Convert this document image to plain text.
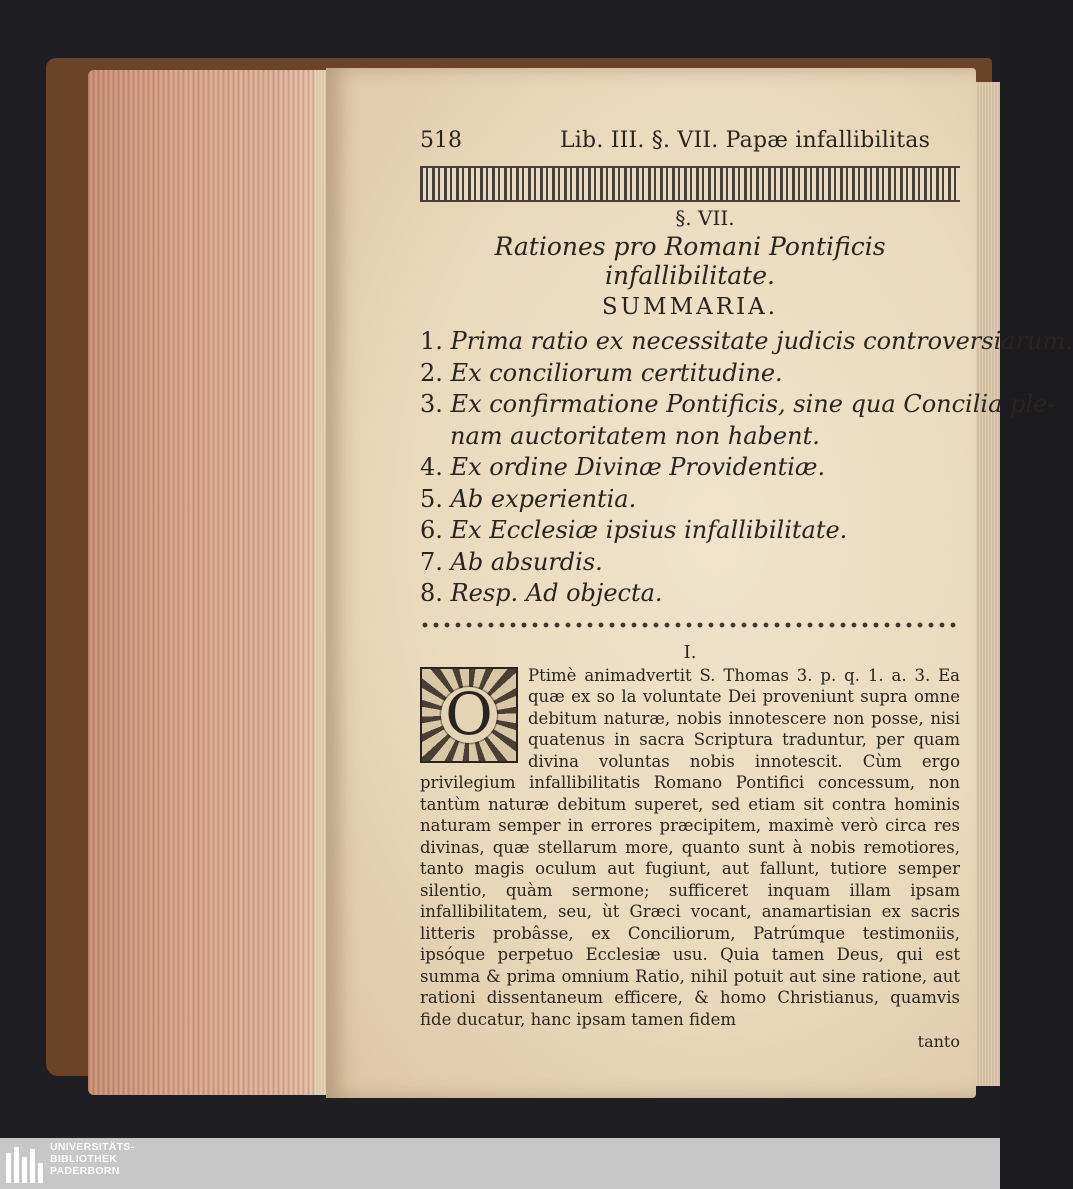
518	Lib. III. §. VII. Papæ infallibilitas
§. VII.
Rationes pro Romani Pontificis infallibilitate.
SUMMARIA.
1. Prima ratio ex necessitate judicis controversiarum.
2. Ex conciliorum certitudine.
3. Ex confirmatione Pontificis, sine qua Concilia ple-
nam auctoritatem non habent.
4. Ex ordine Divinæ Providentiæ.
5. Ab experientia.
6. Ex Ecclesiæ ipsius infallibilitate.
7. Ab absurdis.
8. Resp. Ad objecta.
I.
O
Ptimè animadvertit S. Thomas 3. p. q. 1. a. 3. Ea quæ ex so la voluntate Dei proveniunt supra omne debitum naturæ, nobis innotescere non posse, nisi quatenus in sacra Scriptura traduntur, per quam divina voluntas nobis innotescit. Cùm ergo privilegium infallibilitatis Romano Pontifici concessum, non tantùm naturæ debitum superet, sed etiam sit contra hominis naturam semper in errores præcipitem, maximè verò circa res divinas, quæ stellarum more, quanto sunt à nobis remotiores, tanto magis oculum aut fugiunt, aut fallunt, tutiore semper silentio, quàm sermone; sufficeret inquam illam ipsam infallibilitatem, seu, ùt Græci vocant, anamartisian ex sacris litteris probâsse, ex Conciliorum, Patrúmque testimoniis, ipsóque perpetuo Ecclesiæ usu. Quia tamen Deus, qui est summa & prima omnium Ratio, nihil potuit aut sine ratione, aut rationi dissentaneum efficere, & homo Christianus, quamvis fide ducatur, hanc ipsam tamen fidem
tanto
UNIVERSITÄTS-
BIBLIOTHEK
PADERBORN
